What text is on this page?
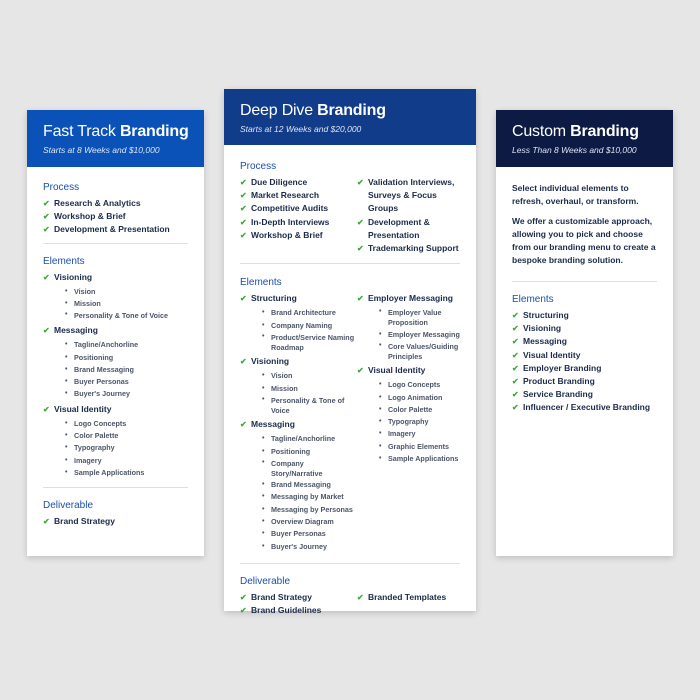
Fast Track Branding
Starts at 8 Weeks and $10,000
Process
✔ Research & Analytics
✔ Workshop & Brief
✔ Development & Presentation
Elements
✔ Visioning
• Vision
• Mission
• Personality & Tone of Voice
✔ Messaging
• Tagline/Anchorline
• Positioning
• Brand Messaging
• Buyer Personas
• Buyer's Journey
✔ Visual Identity
• Logo Concepts
• Color Palette
• Typography
• Imagery
• Sample Applications
Deliverable
✔ Brand Strategy
Deep Dive Branding
Starts at 12 Weeks and $20,000
Process
✔ Due Diligence
✔ Market Research
✔ Competitive Audits
✔ In-Depth Interviews
✔ Workshop & Brief
✔ Validation Interviews, Surveys & Focus Groups
✔ Development & Presentation
✔ Trademarking Support
Elements
✔ Structuring
• Brand Architecture
• Company Naming
• Product/Service Naming Roadmap
✔ Visioning
• Vision
• Mission
• Personality & Tone of Voice
✔ Messaging
• Tagline/Anchorline
• Positioning
• Company Story/Narrative
• Brand Messaging
• Messaging by Market
• Messaging by Personas
• Overview Diagram
• Buyer Personas
• Buyer's Journey
✔ Employer Messaging
• Employer Value Proposition
• Employer Messaging
• Core Values/Guiding Principles
✔ Visual Identity
• Logo Concepts
• Logo Animation
• Color Palette
• Typography
• Imagery
• Graphic Elements
• Sample Applications
Deliverable
✔ Brand Strategy
✔ Brand Guidelines
✔ Branded Templates
Custom Branding
Less Than 8 Weeks and $10,000

Select individual elements to refresh, overhaul, or transform.

We offer a customizable approach, allowing you to pick and choose from our branding menu to create a bespoke branding solution.

Elements
✔ Structuring
✔ Visioning
✔ Messaging
✔ Visual Identity
✔ Employer Branding
✔ Product Branding
✔ Service Branding
✔ Influencer / Executive Branding
